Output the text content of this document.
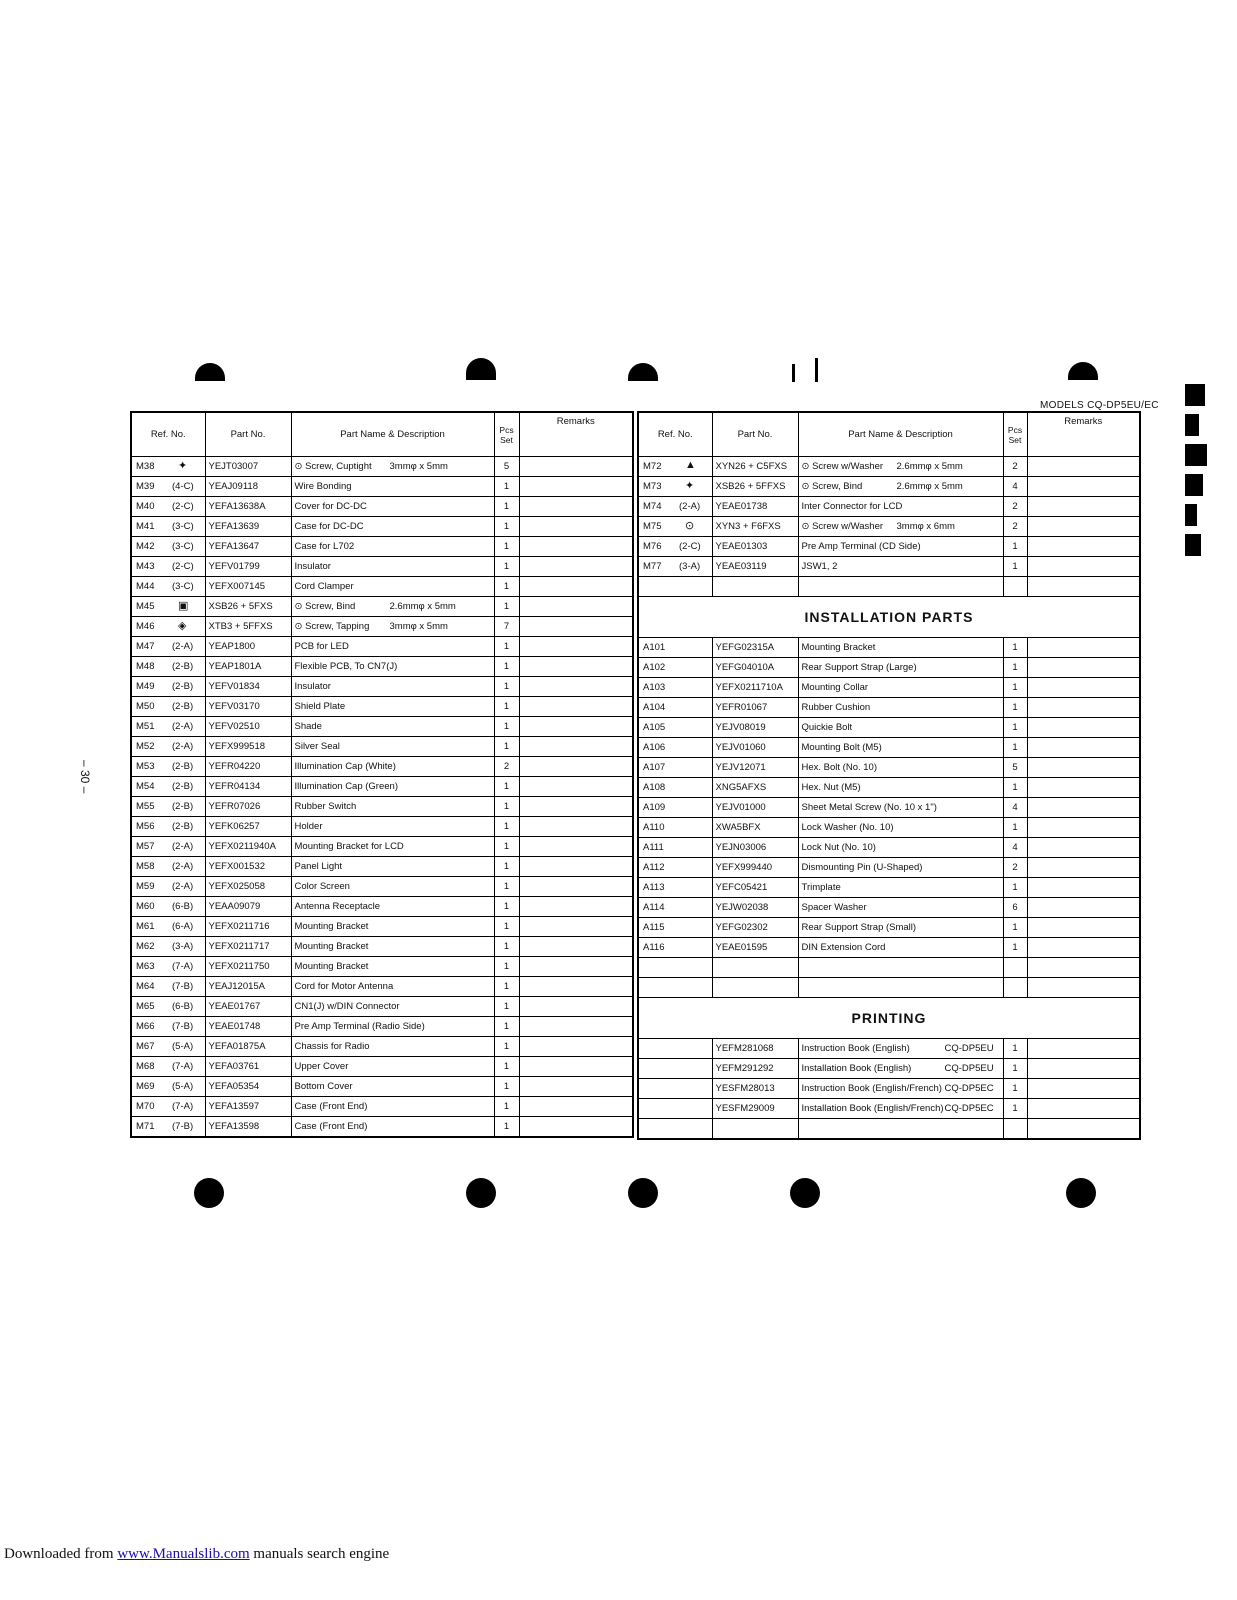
MODELS CQ-DP5EU/EC
– 30 –
Ref. No.	Part No.	Part Name & Description	Pcs
Set	Remarks

M38 ✦	YEJT03007	⊙ Screw, Cuptight 3mmφ x 5mm	5	

M39 (4-C)	YEAJ09118	Wire Bonding	1	

M40 (2-C)	YEFA13638A	Cover for DC-DC	1	

M41 (3-C)	YEFA13639	Case for DC-DC	1	

M42 (3-C)	YEFA13647	Case for L702	1	

M43 (2-C)	YEFV01799	Insulator	1	

M44 (3-C)	YEFX007145	Cord Clamper	1	

M45 ▣	XSB26 + 5FXS	⊙ Screw, Bind 2.6mmφ x 5mm	1	

M46 ◈	XTB3 + 5FFXS	⊙ Screw, Tapping 3mmφ x 5mm	7	

M47 (2-A)	YEAP1800	PCB for LED	1	

M48 (2-B)	YEAP1801A	Flexible PCB, To CN7(J)	1	

M49 (2-B)	YEFV01834	Insulator	1	

M50 (2-B)	YEFV03170	Shield Plate	1	

M51 (2-A)	YEFV02510	Shade	1	

M52 (2-A)	YEFX999518	Silver Seal	1	

M53 (2-B)	YEFR04220	Illumination Cap (White)	2	

M54 (2-B)	YEFR04134	Illumination Cap (Green)	1	

M55 (2-B)	YEFR07026	Rubber Switch	1	

M56 (2-B)	YEFK06257	Holder	1	

M57 (2-A)	YEFX0211940A	Mounting Bracket for LCD	1	

M58 (2-A)	YEFX001532	Panel Light	1	

M59 (2-A)	YEFX025058	Color Screen	1	

M60 (6-B)	YEAA09079	Antenna Receptacle	1	

M61 (6-A)	YEFX0211716	Mounting Bracket	1	

M62 (3-A)	YEFX0211717	Mounting Bracket	1	

M63 (7-A)	YEFX0211750	Mounting Bracket	1	

M64 (7-B)	YEAJ12015A	Cord for Motor Antenna	1	

M65 (6-B)	YEAE01767	CN1(J) w/DIN Connector	1	

M66 (7-B)	YEAE01748	Pre Amp Terminal (Radio Side)	1	

M67 (5-A)	YEFA01875A	Chassis for Radio	1	

M68 (7-A)	YEFA03761	Upper Cover	1	

M69 (5-A)	YEFA05354	Bottom Cover	1	

M70 (7-A)	YEFA13597	Case (Front End)	1	

M71 (7-B)	YEFA13598	Case (Front End)	1	
Ref. No.	Part No.	Part Name & Description	Pcs
Set	Remarks

M72 ▲	XYN26 + C5FXS	⊙ Screw w/Washer 2.6mmφ x 5mm	2	

M73 ✦	XSB26 + 5FFXS	⊙ Screw, Bind 2.6mmφ x 5mm	4	

M74 (2-A)	YEAE01738	Inter Connector for LCD	2	

M75 ⊙	XYN3 + F6FXS	⊙ Screw w/Washer 3mmφ x 6mm	2	

M76 (2-C)	YEAE01303	Pre Amp Terminal (CD Side)	1	

M77 (3-A)	YEAE03119	JSW1, 2	1	

INSTALLATION PARTS				

A101	YEFG02315A	Mounting Bracket	1	

A102	YEFG04010A	Rear Support Strap (Large)	1	

A103	YEFX0211710A	Mounting Collar	1	

A104	YEFR01067	Rubber Cushion	1	

A105	YEJV08019	Quickie Bolt	1	

A106	YEJV01060	Mounting Bolt (M5)	1	

A107	YEJV12071	Hex. Bolt (No. 10)	5	

A108	XNG5AFXS	Hex. Nut (M5)	1	

A109	YEJV01000	Sheet Metal Screw (No. 10 x 1")	4	

A110	XWA5BFX	Lock Washer (No. 10)	1	

A111	YEJN03006	Lock Nut (No. 10)	4	

A112	YEFX999440	Dismounting Pin (U-Shaped)	2	

A113	YEFC05421	Trimplate	1	

A114	YEJW02038	Spacer Washer	6	

A115	YEFG02302	Rear Support Strap (Small)	1	

A116	YEAE01595	DIN Extension Cord	1	

PRINTING				
	YEFM281068	Instruction Book (English) CQ-DP5EU	1	
	YEFM291292	Installation Book (English) CQ-DP5EU	1	
	YESFM28013	Instruction Book (English/French) CQ-DP5EC	1	
	YESFM29009	Installation Book (English/French) CQ-DP5EC	1	

Downloaded from www.Manualslib.com manuals search engine
